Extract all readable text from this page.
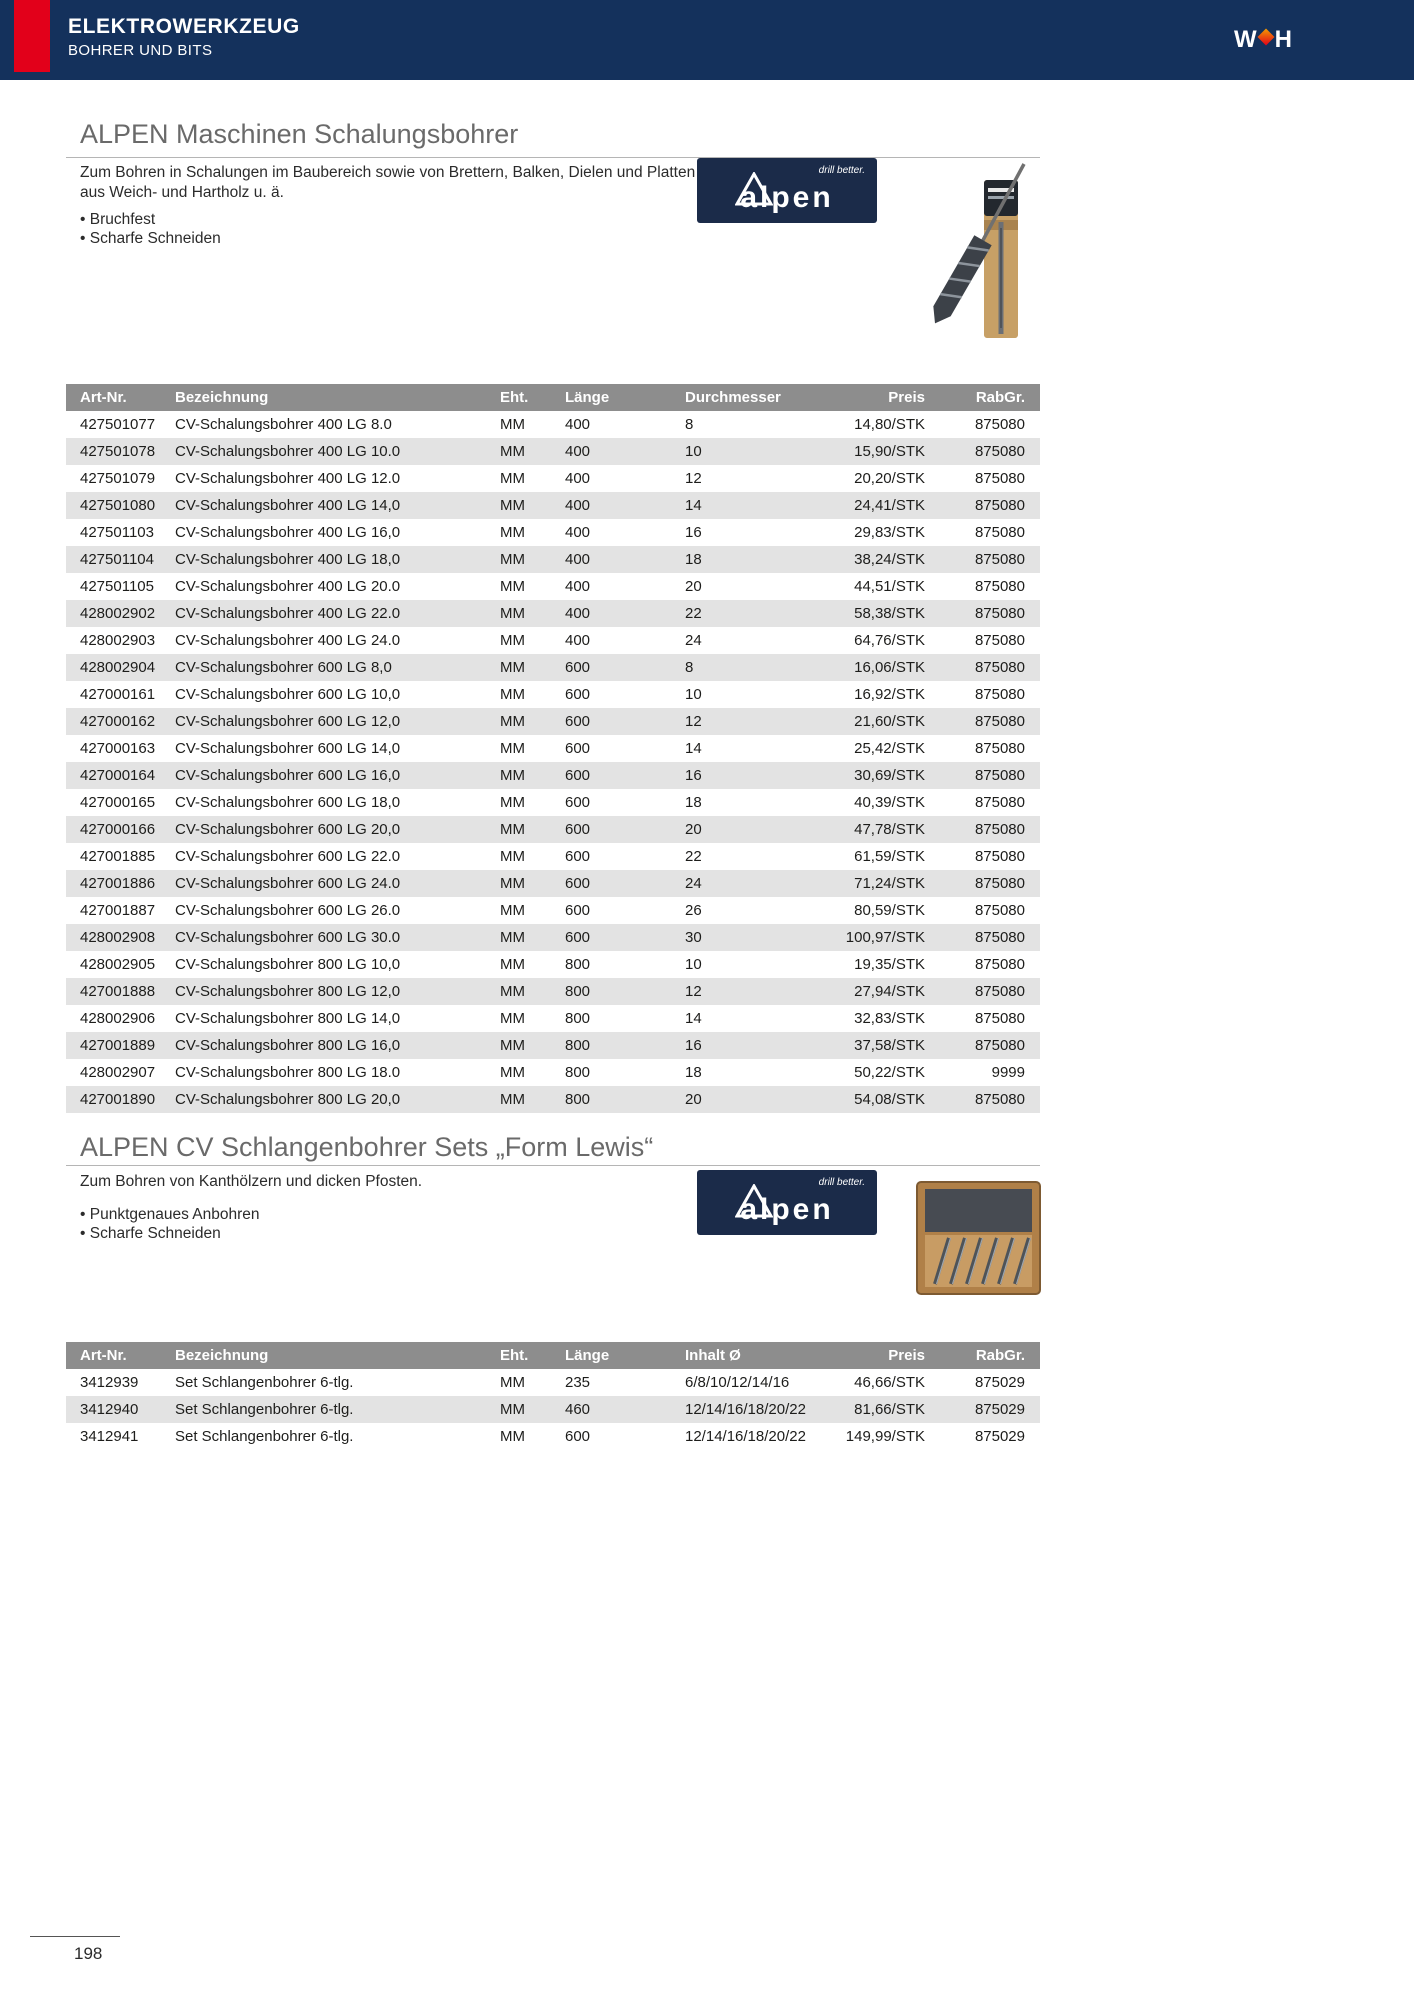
ELEKTROWERKZEUG
BOHRER UND BITS	W H
ALPEN Maschinen Schalungsbohrer

Zum Bohren in Schalungen im Baubereich sowie von Brettern, Balken, Dielen und Platten aus Weich- und Hartholz u. ä.

• Bruchfest
• Scharfe Schneiden
drill better.
alpen
Art-Nr.	Bezeichnung	Eht.	Länge	Durchmesser	Preis	RabGr.
427501077	CV-Schalungsbohrer 400 LG 8.0	MM	400	8	14,80/STK	875080
427501078	CV-Schalungsbohrer 400 LG 10.0	MM	400	10	15,90/STK	875080
427501079	CV-Schalungsbohrer 400 LG 12.0	MM	400	12	20,20/STK	875080
427501080	CV-Schalungsbohrer 400 LG 14,0	MM	400	14	24,41/STK	875080
427501103	CV-Schalungsbohrer 400 LG 16,0	MM	400	16	29,83/STK	875080
427501104	CV-Schalungsbohrer 400 LG 18,0	MM	400	18	38,24/STK	875080
427501105	CV-Schalungsbohrer 400 LG 20.0	MM	400	20	44,51/STK	875080
428002902	CV-Schalungsbohrer 400 LG 22.0	MM	400	22	58,38/STK	875080
428002903	CV-Schalungsbohrer 400 LG 24.0	MM	400	24	64,76/STK	875080
428002904	CV-Schalungsbohrer 600 LG 8,0	MM	600	8	16,06/STK	875080
427000161	CV-Schalungsbohrer 600 LG 10,0	MM	600	10	16,92/STK	875080
427000162	CV-Schalungsbohrer 600 LG 12,0	MM	600	12	21,60/STK	875080
427000163	CV-Schalungsbohrer 600 LG 14,0	MM	600	14	25,42/STK	875080
427000164	CV-Schalungsbohrer 600 LG 16,0	MM	600	16	30,69/STK	875080
427000165	CV-Schalungsbohrer 600 LG 18,0	MM	600	18	40,39/STK	875080
427000166	CV-Schalungsbohrer 600 LG 20,0	MM	600	20	47,78/STK	875080
427001885	CV-Schalungsbohrer 600 LG 22.0	MM	600	22	61,59/STK	875080
427001886	CV-Schalungsbohrer 600 LG 24.0	MM	600	24	71,24/STK	875080
427001887	CV-Schalungsbohrer 600 LG 26.0	MM	600	26	80,59/STK	875080
428002908	CV-Schalungsbohrer 600 LG 30.0	MM	600	30	100,97/STK	875080
428002905	CV-Schalungsbohrer 800 LG 10,0	MM	800	10	19,35/STK	875080
427001888	CV-Schalungsbohrer 800 LG 12,0	MM	800	12	27,94/STK	875080
428002906	CV-Schalungsbohrer 800 LG 14,0	MM	800	14	32,83/STK	875080
427001889	CV-Schalungsbohrer 800 LG 16,0	MM	800	16	37,58/STK	875080
428002907	CV-Schalungsbohrer 800 LG 18.0	MM	800	18	50,22/STK	9999
427001890	CV-Schalungsbohrer 800 LG 20,0	MM	800	20	54,08/STK	875080
ALPEN CV Schlangenbohrer Sets „Form Lewis“

Zum Bohren von Kanthölzern und dicken Pfosten.

• Punktgenaues Anbohren
• Scharfe Schneiden
drill better.
alpen
Art-Nr.	Bezeichnung	Eht.	Länge	Inhalt Ø	Preis	RabGr.
3412939	Set Schlangenbohrer 6-tlg.	MM	235	6/8/10/12/14/16	46,66/STK	875029
3412940	Set Schlangenbohrer 6-tlg.	MM	460	12/14/16/18/20/22	81,66/STK	875029
3412941	Set Schlangenbohrer 6-tlg.	MM	600	12/14/16/18/20/22	149,99/STK	875029
198
